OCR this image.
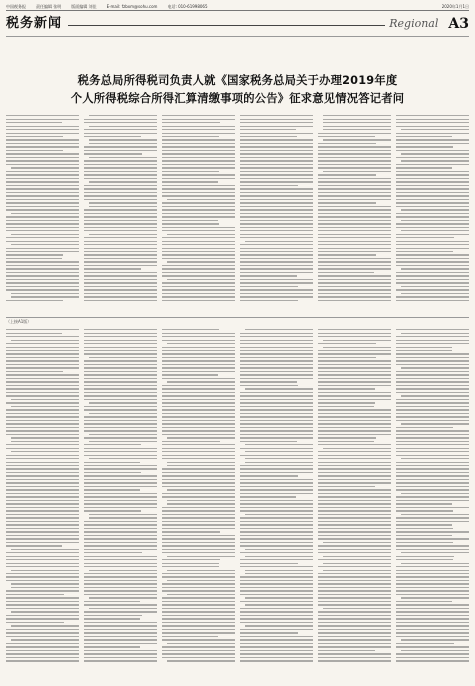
中国税务报	责任编辑 张明	版面编辑 刘佳	E-mail: fzbxm@sohu.com	电话: 010-61998065	2020年1月1日
税务新闻	Regional A3
税务总局所得税司负责人就《国家税务总局关于办理2019年度
个人所得税综合所得汇算清缴事项的公告》征求意见情况答记者问
（上接A1版）
